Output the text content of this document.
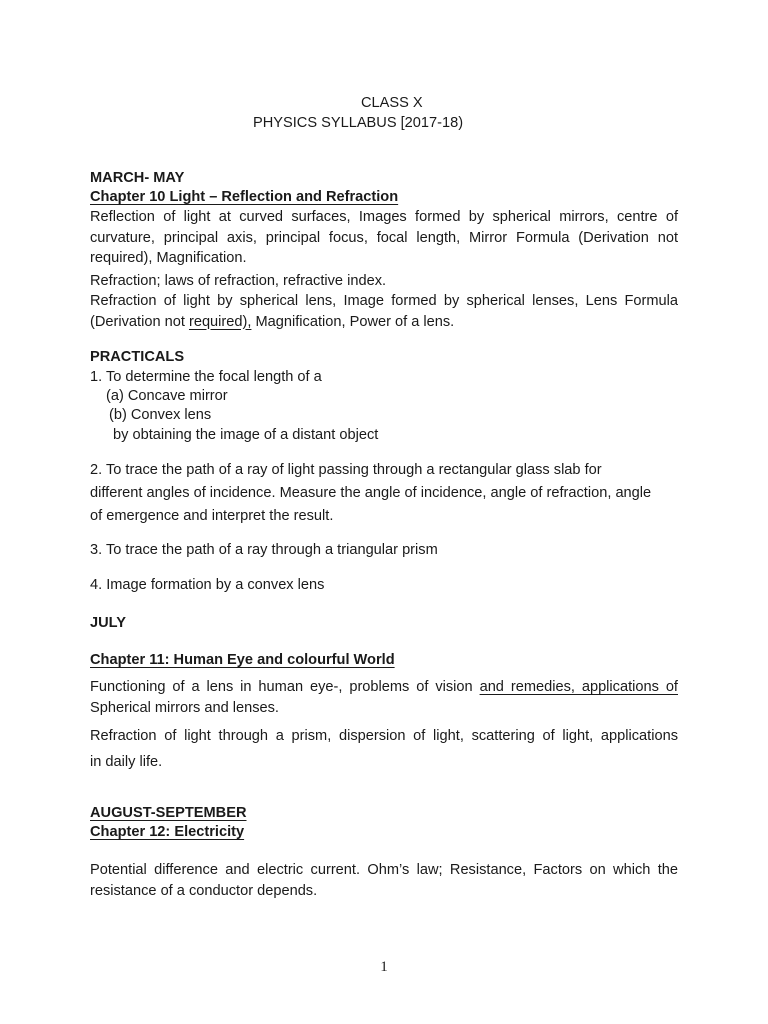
CLASS X
PHYSICS SYLLABUS [2017-18)
MARCH- MAY
Chapter 10 Light – Reflection and Refraction
Reflection of light at curved surfaces, Images formed by spherical mirrors, centre of
curvature, principal axis, principal focus, focal length, Mirror Formula (Derivation not
required), Magnification.
Refraction; laws of refraction, refractive index.
Refraction of light by spherical lens, Image formed by spherical lenses, Lens Formula
(Derivation not required), Magnification, Power of a lens.
PRACTICALS
1. To determine the focal length of a
(a) Concave mirror
(b) Convex lens
by obtaining the image of a distant object
2. To trace the path of a ray of light passing through a rectangular glass slab for
different angles of incidence. Measure the angle of incidence, angle of refraction, angle
of emergence and interpret the result.
3. To trace the path of a ray through a triangular prism
4. Image formation by a convex lens
JULY
Chapter 11: Human Eye and colourful World
Functioning of a lens in human eye-, problems of vision and remedies, applications of
Spherical mirrors and lenses.
Refraction of light through a prism, dispersion of light, scattering of light, applications
in daily life.
AUGUST-SEPTEMBER
Chapter 12: Electricity
Potential difference and electric current. Ohm’s law; Resistance, Factors on which the
resistance of a conductor depends.
1
